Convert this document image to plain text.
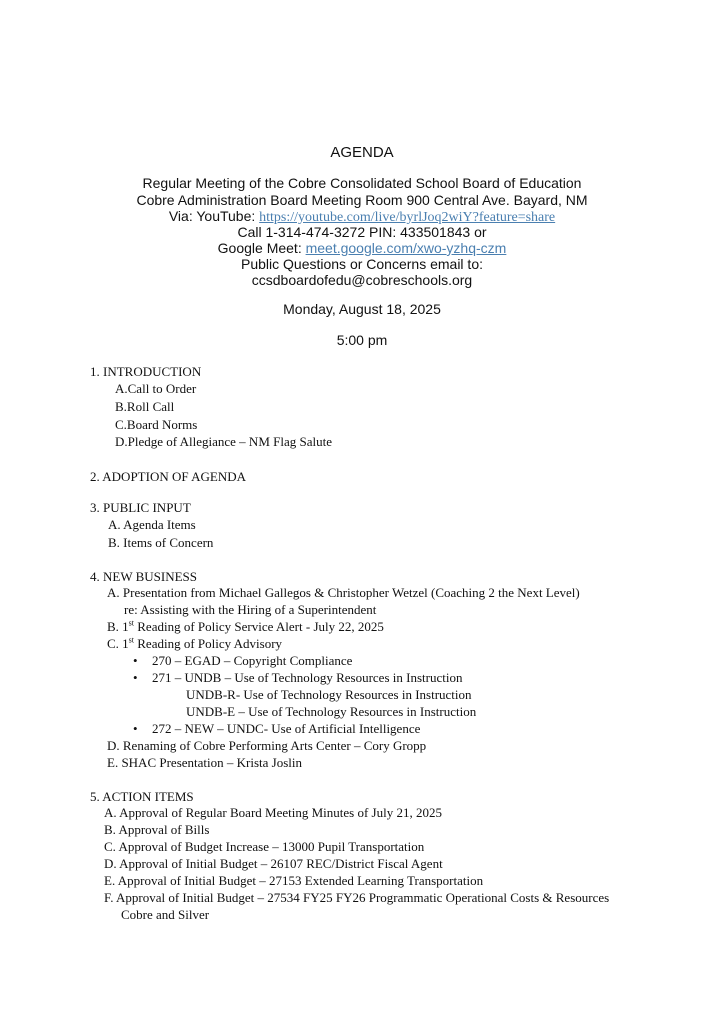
AGENDA
Regular Meeting of the Cobre Consolidated School Board of Education
Cobre Administration Board Meeting Room 900 Central Ave. Bayard, NM
Via: YouTube: https://youtube.com/live/byrlJoq2wiY?feature=share
Call 1-314-474-3272 PIN: 433501843 or
Google Meet: meet.google.com/xwo-yzhq-czm
Public Questions or Concerns email to:
ccsdboardofedu@cobreschools.org
Monday, August 18, 2025
5:00 pm
1. INTRODUCTION
A.Call to Order
B.Roll Call
C.Board Norms
D.Pledge of Allegiance – NM Flag Salute
2. ADOPTION OF AGENDA
3. PUBLIC INPUT
A. Agenda Items
B. Items of Concern
4. NEW BUSINESS
A. Presentation from Michael Gallegos & Christopher Wetzel (Coaching 2 the Next Level)
re: Assisting with the Hiring of a Superintendent
B. 1st Reading of Policy Service Alert - July 22, 2025
C. 1st Reading of Policy Advisory
• 270 – EGAD – Copyright Compliance
• 271 – UNDB – Use of Technology Resources in Instruction
UNDB-R- Use of Technology Resources in Instruction
UNDB-E – Use of Technology Resources in Instruction
• 272 – NEW – UNDC- Use of Artificial Intelligence
D. Renaming of Cobre Performing Arts Center – Cory Gropp
E. SHAC Presentation – Krista Joslin
5. ACTION ITEMS
A. Approval of Regular Board Meeting Minutes of July 21, 2025
B. Approval of Bills
C. Approval of Budget Increase – 13000 Pupil Transportation
D. Approval of Initial Budget – 26107 REC/District Fiscal Agent
E. Approval of Initial Budget – 27153 Extended Learning Transportation
F. Approval of Initial Budget – 27534 FY25 FY26 Programmatic Operational Costs & Resources
Cobre and Silver
